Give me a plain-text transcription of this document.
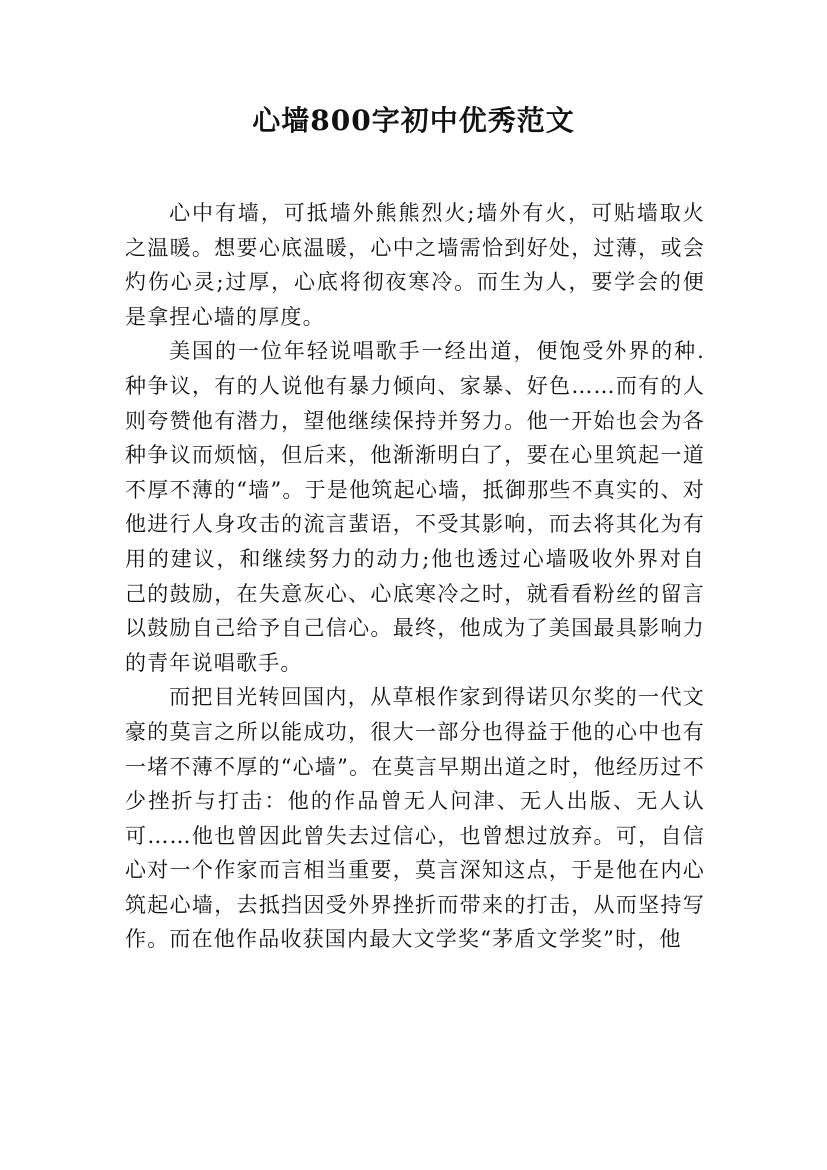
心墙800字初中优秀范文

心中有墙，可抵墙外熊熊烈火;墙外有火，可贴墙取火之温暖。想要心底温暖，心中之墙需恰到好处，过薄，或会灼伤心灵;过厚，心底将彻夜寒冷。而生为人，要学会的便是拿捏心墙的厚度。

美国的一位年轻说唱歌手一经出道，便饱受外界的种.种争议，有的人说他有暴力倾向、家暴、好色……而有的人则夸赞他有潜力，望他继续保持并努力。他一开始也会为各种争议而烦恼，但后来，他渐渐明白了，要在心里筑起一道不厚不薄的“墙”。于是他筑起心墙，抵御那些不真实的、对他进行人身攻击的流言蜚语，不受其影响，而去将其化为有用的建议，和继续努力的动力;他也透过心墙吸收外界对自己的鼓励，在失意灰心、心底寒冷之时，就看看粉丝的留言以鼓励自己给予自己信心。最终，他成为了美国最具影响力的青年说唱歌手。

而把目光转回国内，从草根作家到得诺贝尔奖的一代文豪的莫言之所以能成功，很大一部分也得益于他的心中也有一堵不薄不厚的“心墙”。在莫言早期出道之时，他经历过不少挫折与打击：他的作品曾无人问津、无人出版、无人认可……他也曾因此曾失去过信心，也曾想过放弃。可，自信心对一个作家而言相当重要，莫言深知这点，于是他在内心筑起心墙，去抵挡因受外界挫折而带来的打击，从而坚持写作。而在他作品收获国内最大文学奖“茅盾文学奖”时，他
